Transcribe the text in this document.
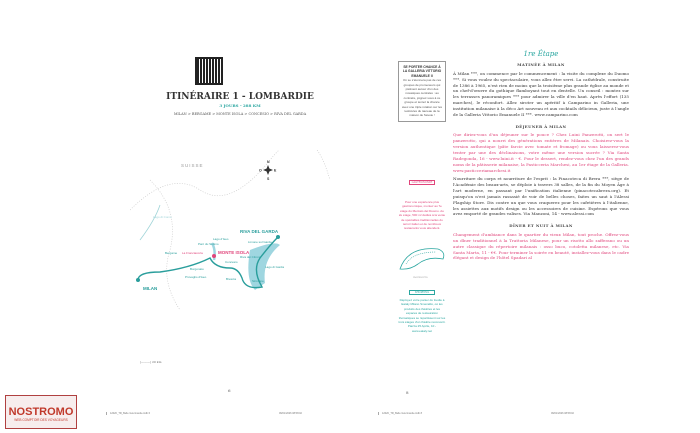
ITINÉRAIRE 1 - LOMBARDIE
3 JOURS - 288 KM
MILAN > BERGAME > MONTE ISOLA > CONCESIO > RIVA DEL GARDA
SUISSE
RIVA DEL GARDA
Limone sul Garda
Lago d'Iseo
Parc du Sebino
MONTE ISOLA
La Franciacorta
Bergame
Borgonato
Concesio
Riva dei Citrons
Lago di Garda
Provaglio d'Iseo	Brescia	Sirmione
MILAN
Lago di Como
N
O	E
S
|———| 20 km
6
SE PORTER CHANCE À LA GALLERIA VITTORIO EMANUELE II
On se s'étonnera pas de ces groupes de promeneurs qui piétinent autour d'un des mosaïques centrales : au contraire, joignez-vous à ce groupe et tentez la chance avec une triple rotation sur les testicules du taureau de la maison de Savoie !
GASTRONOMIE
Pour une expérience plus gastronomique, montez au 7e étage du Mercato del Duomo. Au 2e étage, 500 m² dédiés à la vente de spécialités traditionnelles du terroir italien et de nombreux restaurants vous attendent.
PANZEROTTO
SHOPPING
Déployez votre panier du foodie à Eataly Milano Smeraldo, où les produits des théâtres et les espaces de restauration thématiques se répartissent sur les trois étages d'un théâtre reconverti. Piazza 25 Aprile, 10 - www.eataly.net
1re Étape
MATINÉE À MILAN

À Milan ***, on commence par le commencement : la visite du complexe du Duomo ***. Si vous voulez du spectaculaire, vous allez être servi. La cathédrale, construite de 1386 à 1965, n'est rien de moins que la troisième plus grande église au monde et un chef-d'œuvre du gothique flamboyant tout en dentelle. Un conseil : montez sur les terrasses panoramiques *** pour admirer la ville d'en haut. Après l'effort (135 marches), le réconfort. Allez siroter un apéritif à Camparino in Galleria, une institution milanaise à la déco Art nouveau et aux cocktails délicieux, juste à l'angle de la Galleria Vittorio Emanuele II ***. www.camparino.com

DÉJEUNER À MILAN

Que diriez-vous d'un déjeuner sur le pouce ? Chez Luini Panzerotti, on sert le panzerotto, qui a nourri des générations entières de Milanais. Choisirez-vous la version authentique (pâte farcie avec tomate et fromage) ou vous laisserez-vous tenter par une des déclinaisons, votre même une version sucrée ? Via Santa Radegonda, 16 - www.luini.it - €. Pour le dessert, rendez-vous chez l'un des grands noms de la pâtisserie milanaise, la Pasticceria Marchesi, au 1er étage de la Galleria. www.pasticceriamarchesi.it

Nourriture du corps et nourriture de l'esprit : la Pinacoteca di Brera ***, siège de l'Académie des beaux-arts, se déploie à travers 38 salles, de la fin du Moyen Âge à l'art moderne, en passant par l'unification italienne (pinacotecabrera.org). Et puisqu'on n'est jamais rassasié de voir de belles choses, faites un saut à l'Alessi Flagship Store. Dis contre un que vous craquerez pour les cafetières à l'italienne, les assiettes aux motifs design ou les accessoires de cuisine. Espérons que vous avez emporté de grandes valises. Via Manzoni, 14 - www.alessi.com

DÎNER ET NUIT À MILAN

Changement d'ambiance dans le quartier du vieux Milan, tout proche. Offrez-vous un dîner traditionnel à la Trattoria Milanese, pour un risotto allo zafferano ou un autre classique du répertoire milanais : osso buco, cotoletta milanese, etc. Via Santa Marta, 11 - €€. Pour terminer la soirée en beauté, installez-vous dans le cadre élégant et design de l'hôtel Spadari al

8
12020_TR_Belle Gourmande.indb 6	09/01/2026 08:58:02	12020_TR_Belle Gourmande.indb 8	09/01/2026 08:58:02
NOSTROMO
WEB COMPTOIR DES VOYAGEURS
